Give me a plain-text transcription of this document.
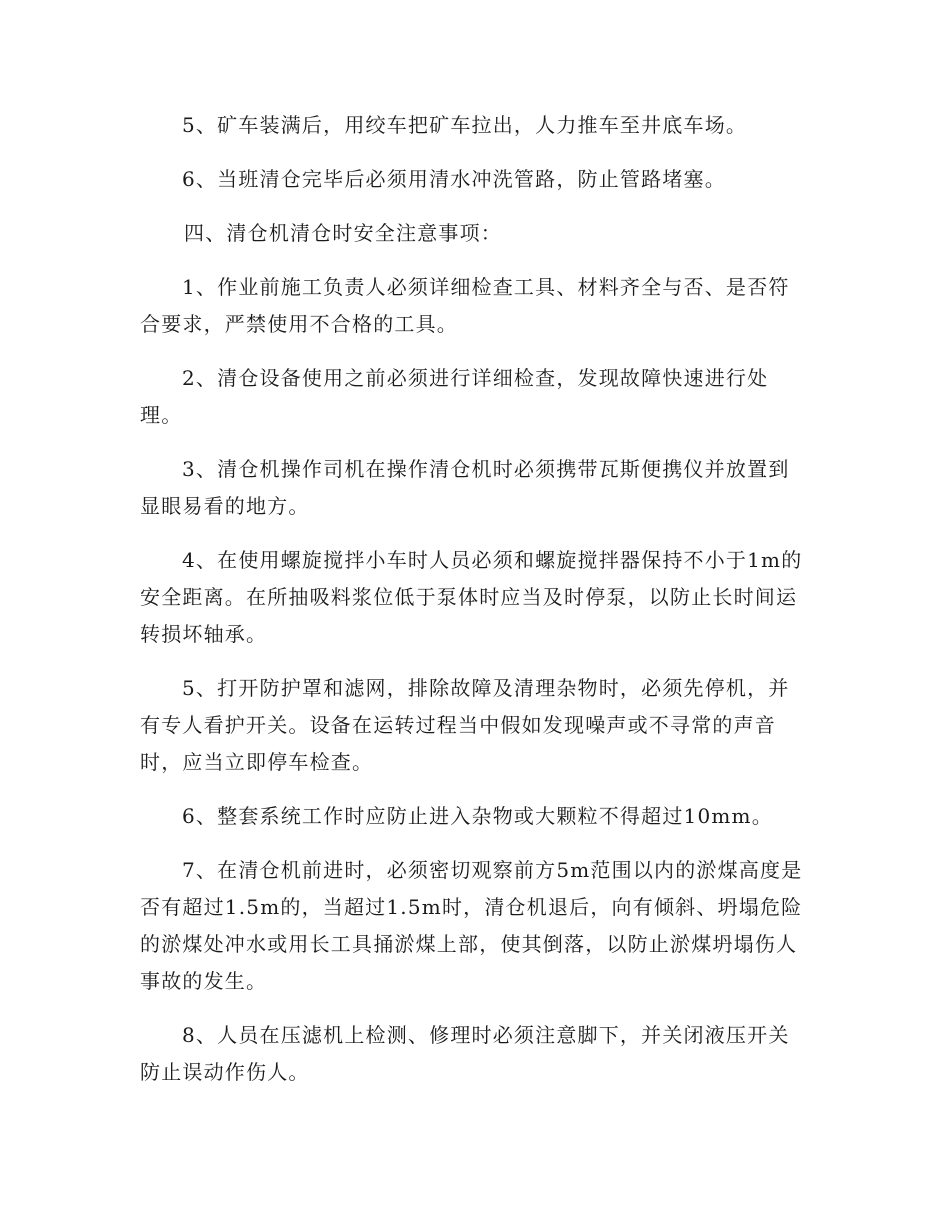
5、矿车装满后，用绞车把矿车拉出，人力推车至井底车场。

6、当班清仓完毕后必须用清水冲洗管路，防止管路堵塞。

四、清仓机清仓时安全注意事项：

1、作业前施工负责人必须详细检查工具、材料齐全与否、是否符合要求，严禁使用不合格的工具。

2、清仓设备使用之前必须进行详细检查，发现故障快速进行处理。

3、清仓机操作司机在操作清仓机时必须携带瓦斯便携仪并放置到显眼易看的地方。

4、在使用螺旋搅拌小车时人员必须和螺旋搅拌器保持不小于1m的安全距离。在所抽吸料浆位低于泵体时应当及时停泵，以防止长时间运转损坏轴承。

5、打开防护罩和滤网，排除故障及清理杂物时，必须先停机，并有专人看护开关。设备在运转过程当中假如发现噪声或不寻常的声音时，应当立即停车检查。

6、整套系统工作时应防止进入杂物或大颗粒不得超过10mm。

7、在清仓机前进时，必须密切观察前方5m范围以内的淤煤高度是否有超过1.5m的，当超过1.5m时，清仓机退后，向有倾斜、坍塌危险的淤煤处冲水或用长工具捅淤煤上部，使其倒落，以防止淤煤坍塌伤人事故的发生。

8、人员在压滤机上检测、修理时必须注意脚下，并关闭液压开关防止误动作伤人。
